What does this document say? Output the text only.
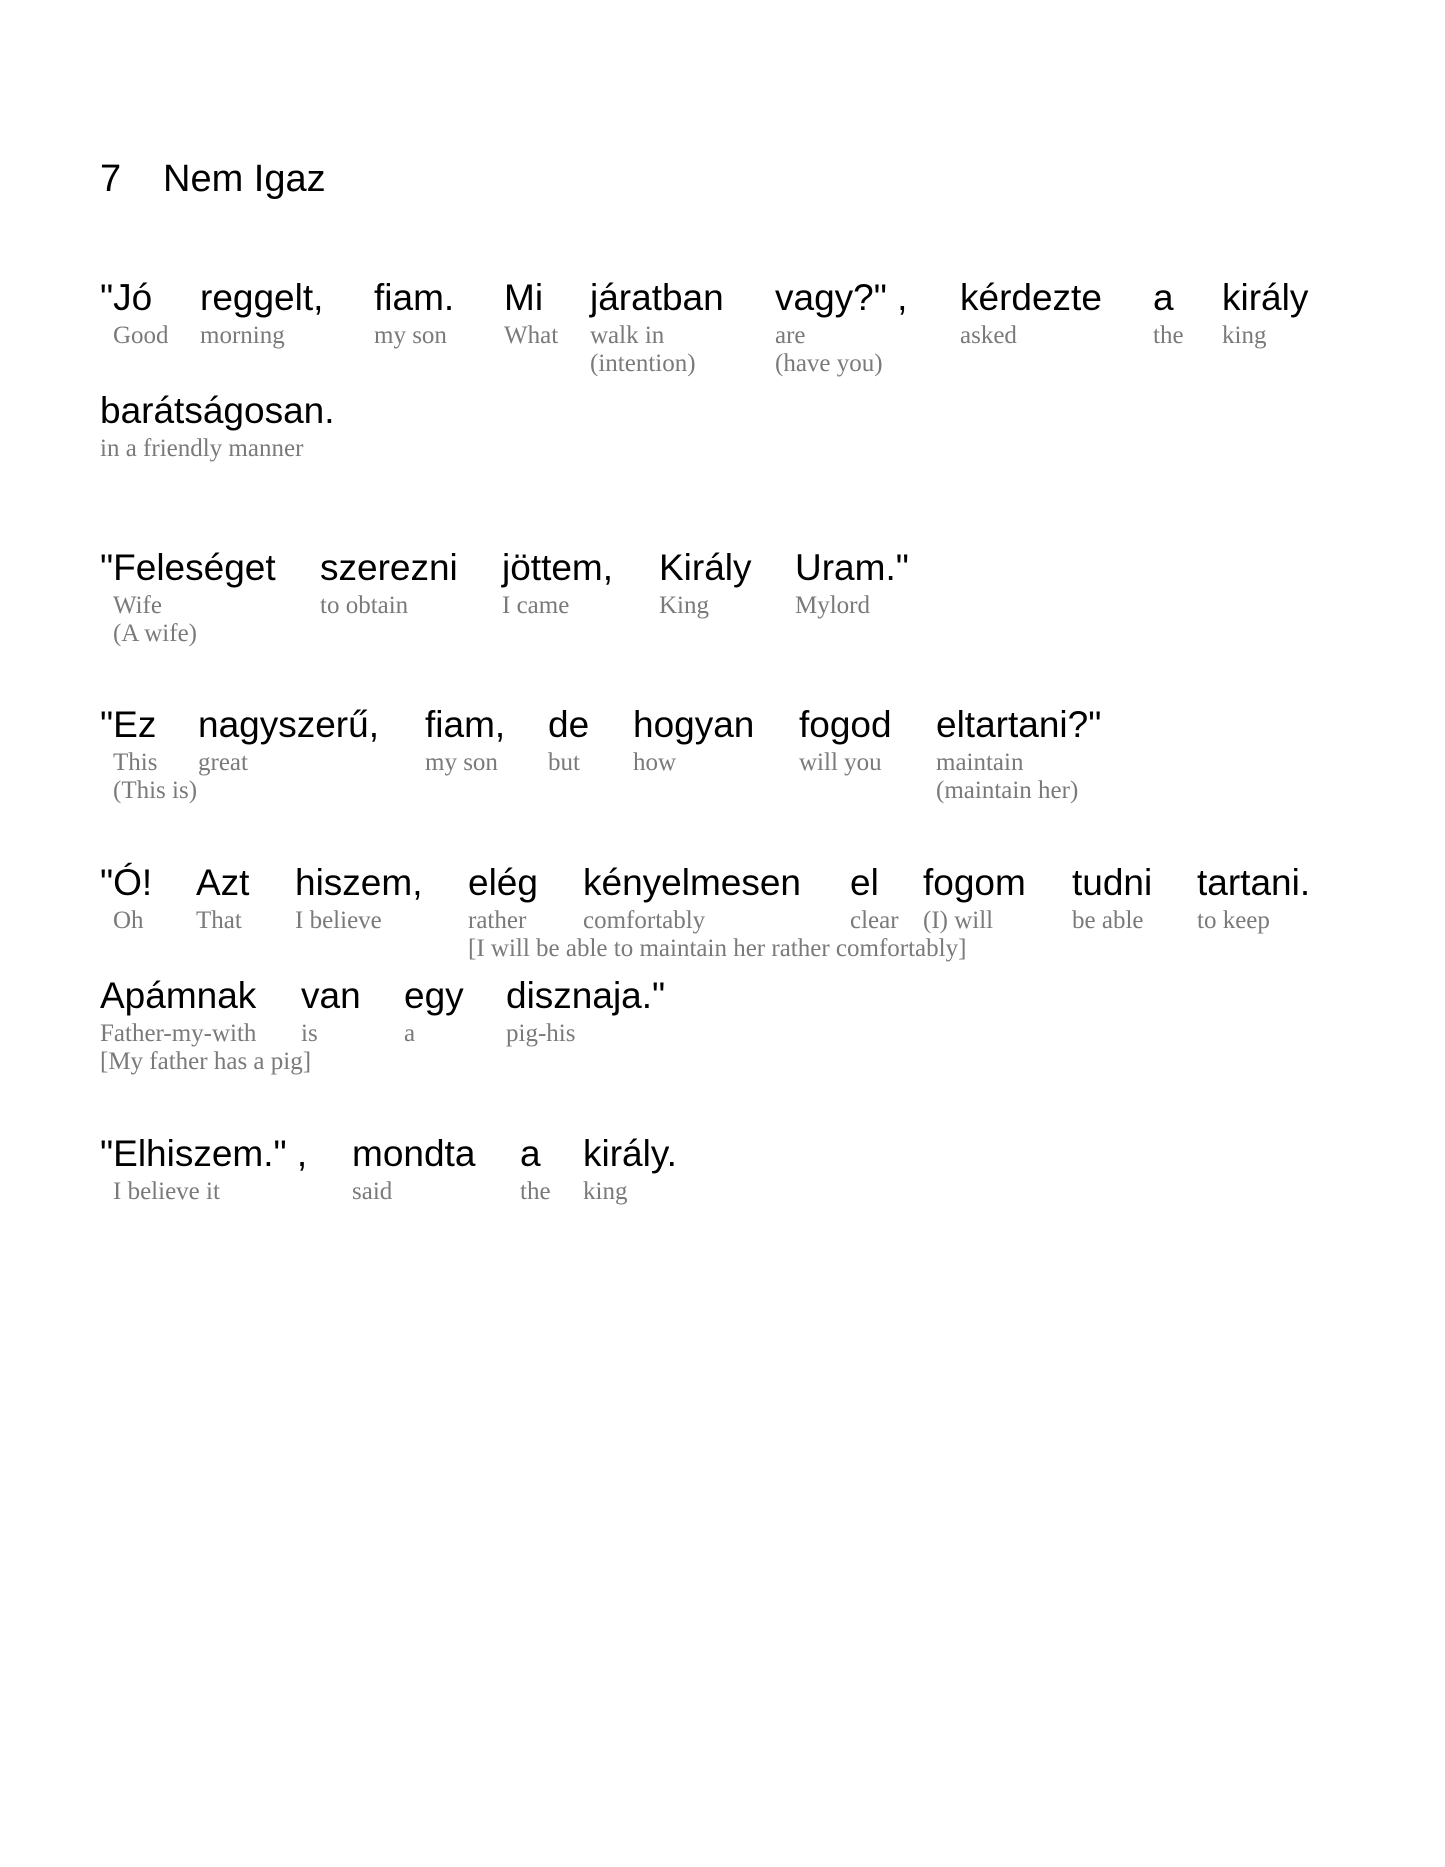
7 Nem Igaz
"Jó
Good
reggelt,
morning
fiam.
my son
Mi
What
járatban
walk in
(intention)
vagy?" ,
are
(have you)
kérdezte
asked
a
the
király
king
barátságosan.
in a friendly manner
"Feleséget
Wife
(A wife)
szerezni
to obtain
jöttem,
I came
Király
King
Uram."
Mylord
"Ez
This
(This is)
nagyszerű,
great
fiam,
my son
de
but
hogyan
how
fogod
will you
eltartani?"
maintain
(maintain her)
"Ó!
Oh
Azt
That
hiszem,
I believe
elég
rather
kényelmesen
comfortably
el
clear
fogom
(I) will
tudni
be able
tartani.
to keep
[I will be able to maintain her rather comfortably]
Apámnak
Father-my-with
[My father has a pig]
van
is
egy
a
disznaja."
pig-his
"Elhiszem." ,
I believe it
mondta
said
a
the
király.
king
